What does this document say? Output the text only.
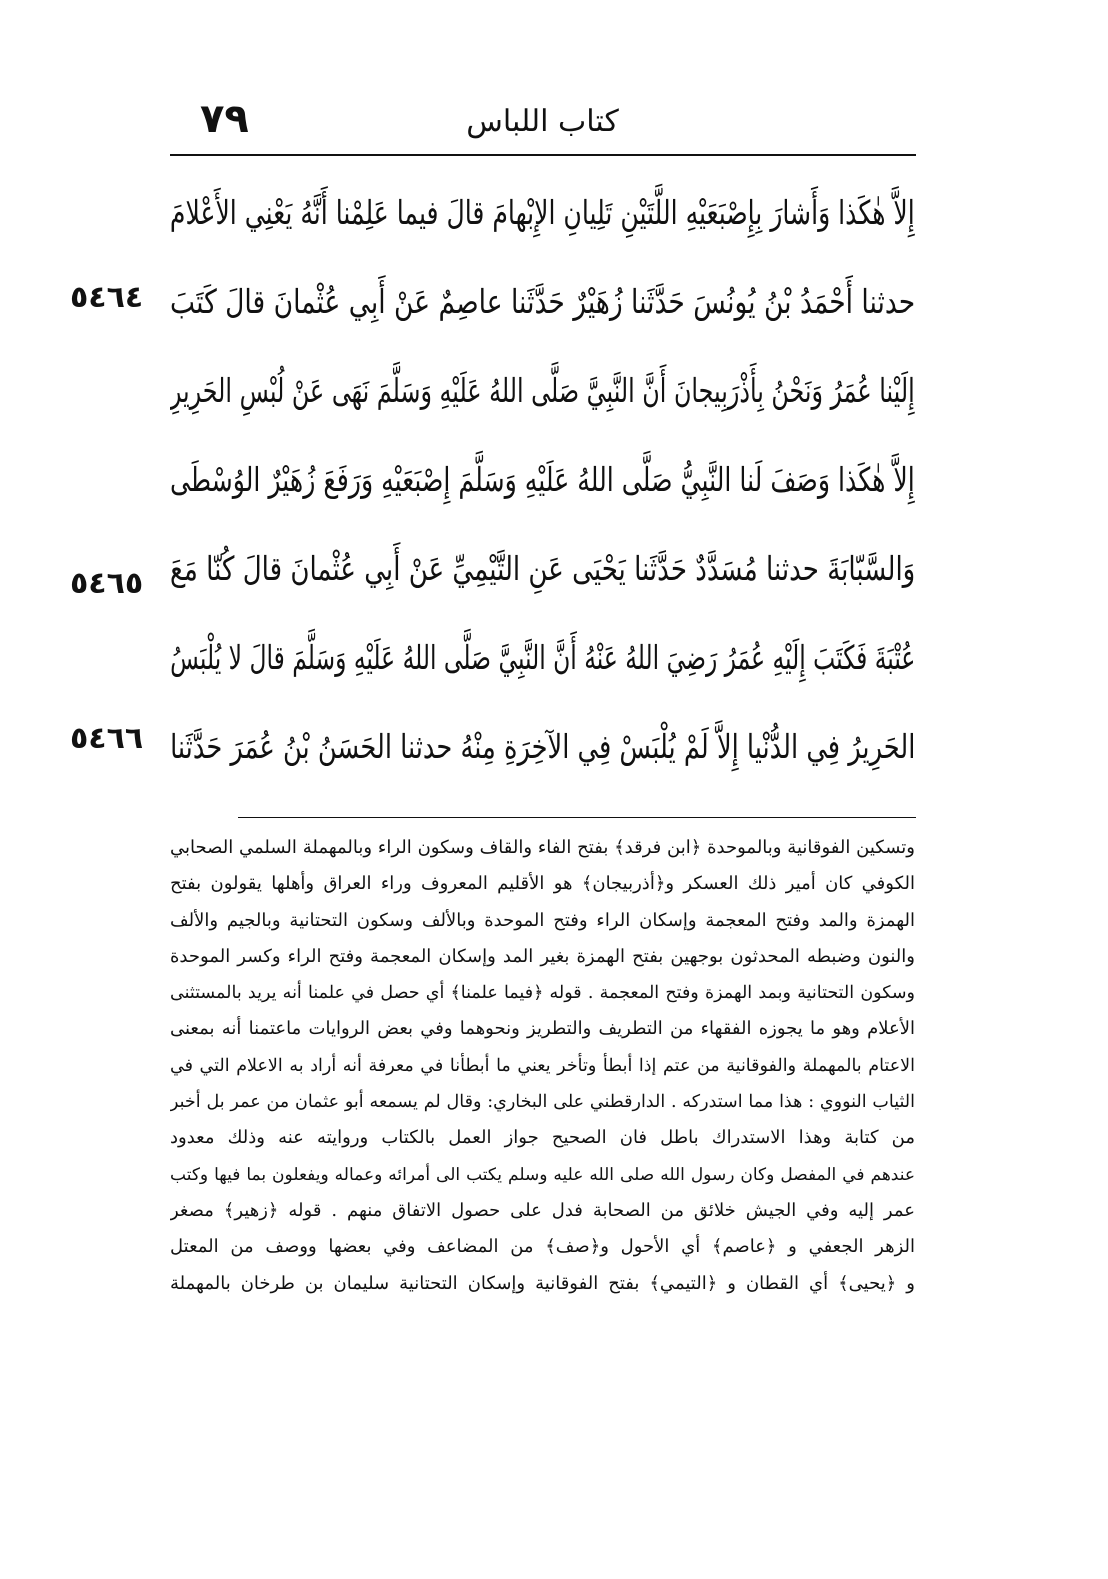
٧٩	كتاب اللباس
٥٤٦٤
٥٤٦٥
٥٤٦٦
إِلاَّ هٰكَذا وَأَشارَ بِإِصْبَعَيْهِ اللَّتَيْنِ تَلِيانِ الإِبْهامَ قالَ فيما عَلِمْنا أَنَّهُ يَعْنِي الأَعْلامَ
حدثنا أَحْمَدُ بْنُ يُونُسَ حَدَّثَنا زُهَيْرٌ حَدَّثَنا عاصِمٌ عَنْ أَبِي عُثْمانَ قالَ كَتَبَ
إِلَيْنا عُمَرُ وَنَحْنُ بِأَذْرَبِيجانَ أَنَّ النَّبِيَّ صَلَّى اللهُ عَلَيْهِ وَسَلَّمَ نَهَى عَنْ لُبْسِ الحَرِيرِ
إِلاَّ هٰكَذا وَصَفَ لَنا النَّبِيُّ صَلَّى اللهُ عَلَيْهِ وَسَلَّمَ إِصْبَعَيْهِ وَرَفَعَ زُهَيْرٌ الوُسْطَى
وَالسَّبّابَةَ حدثنا مُسَدَّدٌ حَدَّثَنا يَحْيَى عَنِ التَّيْمِيِّ عَنْ أَبِي عُثْمانَ قالَ كُنّا مَعَ
عُتْبَةَ فَكَتَبَ إِلَيْهِ عُمَرُ رَضِيَ اللهُ عَنْهُ أَنَّ النَّبِيَّ صَلَّى اللهُ عَلَيْهِ وَسَلَّمَ قالَ لا يُلْبَسُ
الحَرِيرُ فِي الدُّنْيا إِلاَّ لَمْ يُلْبَسْ فِي الآخِرَةِ مِنْهُ حدثنا الحَسَنُ بْنُ عُمَرَ حَدَّثَنا
وتسكين الفوقانية وبالموحدة ﴿ابن فرقد﴾ بفتح الفاء والقاف وسكون الراء وبالمهملة السلمي الصحابي
الكوفي كان أمير ذلك العسكر و﴿أذربيجان﴾ هو الأقليم المعروف وراء العراق وأهلها يقولون بفتح
الهمزة والمد وفتح المعجمة وإسكان الراء وفتح الموحدة وبالألف وسكون التحتانية وبالجيم والألف
والنون وضبطه المحدثون بوجهين بفتح الهمزة بغير المد وإسكان المعجمة وفتح الراء وكسر الموحدة
وسكون التحتانية وبمد الهمزة وفتح المعجمة . قوله ﴿فيما علمنا﴾ أي حصل في علمنا أنه يريد بالمستثنى
الأعلام وهو ما يجوزه الفقهاء من التطريف والتطريز ونحوهما وفي بعض الروايات ماعتمنا أنه بمعنى
الاعتام بالمهملة والفوقانية من عتم إذا أبطأ وتأخر يعني ما أبطأنا في معرفة أنه أراد به الاعلام التي في
الثياب النووي : هذا مما استدركه . الدارقطني على البخاري: وقال لم يسمعه أبو عثمان من عمر بل أخبر
من كتابة وهذا الاستدراك باطل فان الصحيح جواز العمل بالكتاب وروايته عنه وذلك معدود
عندهم في المفصل وكان رسول الله صلى الله عليه وسلم يكتب الى أمرائه وعماله ويفعلون بما فيها وكتب
عمر إليه وفي الجيش خلائق من الصحابة فدل على حصول الاتفاق منهم . قوله ﴿زهير﴾ مصغر
الزهر الجعفي و ﴿عاصم﴾ أي الأحول و﴿صف﴾ من المضاعف وفي بعضها ووصف من المعتل
و ﴿يحيى﴾ أي القطان و ﴿التيمي﴾ بفتح الفوقانية وإسكان التحتانية سليمان بن طرخان بالمهملة
